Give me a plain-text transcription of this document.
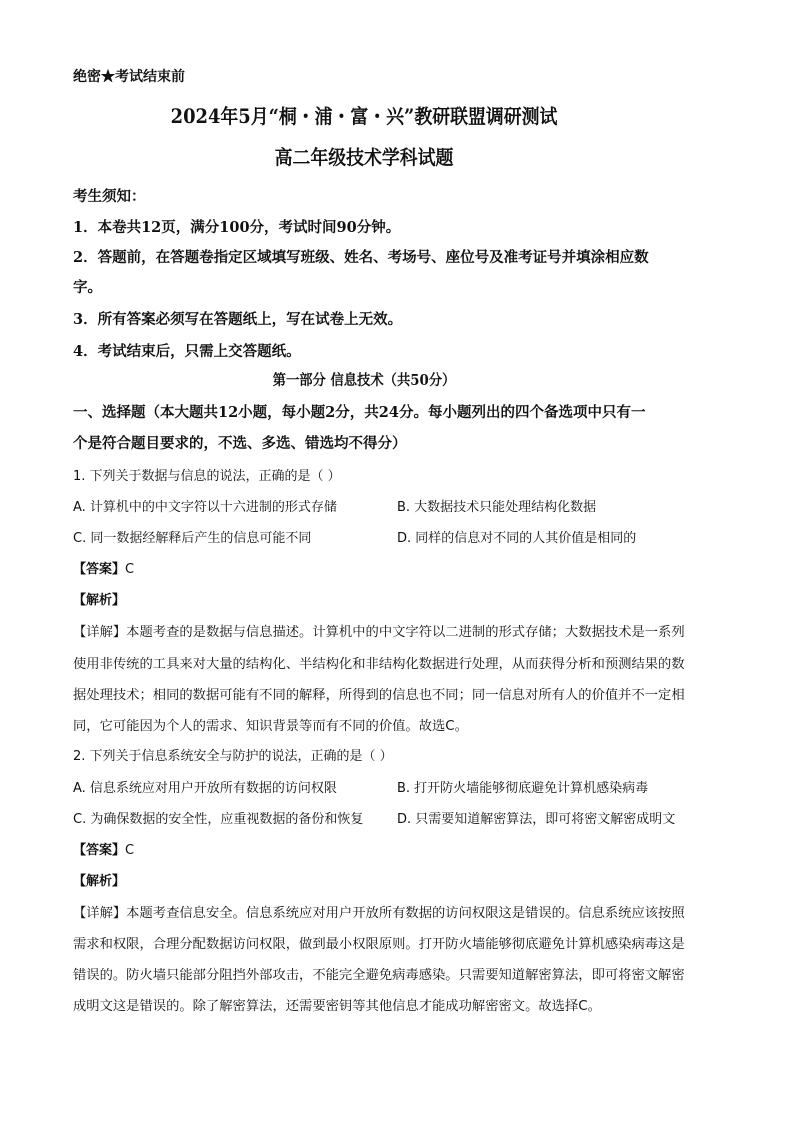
绝密★考试结束前
2024年5月“桐・浦・富・兴”教研联盟调研测试
高二年级技术学科试题
考生须知：
1．本卷共12页，满分100分，考试时间90分钟。
2．答题前，在答题卷指定区域填写班级、姓名、考场号、座位号及准考证号并填涂相应数
字。
3．所有答案必须写在答题纸上，写在试卷上无效。
4．考试结束后，只需上交答题纸。
第一部分 信息技术（共50分）
一、选择题（本大题共12小题，每小题2分，共24分。每小题列出的四个备选项中只有一
个是符合题目要求的，不选、多选、错选均不得分）
1. 下列关于数据与信息的说法，正确的是（ ）
A. 计算机中的中文字符以十六进制的形式存储	B. 大数据技术只能处理结构化数据
C. 同一数据经解释后产生的信息可能不同	D. 同样的信息对不同的人其价值是相同的
【答案】C
【解析】
【详解】本题考查的是数据与信息描述。计算机中的中文字符以二进制的形式存储；大数据技术是一系列
使用非传统的工具来对大量的结构化、半结构化和非结构化数据进行处理，从而获得分析和预测结果的数
据处理技术；相同的数据可能有不同的解释，所得到的信息也不同；同一信息对所有人的价值并不一定相
同，它可能因为个人的需求、知识背景等而有不同的价值。故选C。
2. 下列关于信息系统安全与防护的说法，正确的是（ ）
A. 信息系统应对用户开放所有数据的访问权限	B. 打开防火墙能够彻底避免计算机感染病毒
C. 为确保数据的安全性，应重视数据的备份和恢复	D. 只需要知道解密算法，即可将密文解密成明文
【答案】C
【解析】
【详解】本题考查信息安全。信息系统应对用户开放所有数据的访问权限这是错误的。信息系统应该按照
需求和权限，合理分配数据访问权限，做到最小权限原则。打开防火墙能够彻底避免计算机感染病毒这是
错误的。防火墙只能部分阻挡外部攻击，不能完全避免病毒感染。只需要知道解密算法，即可将密文解密
成明文这是错误的。除了解密算法，还需要密钥等其他信息才能成功解密密文。故选择C。
